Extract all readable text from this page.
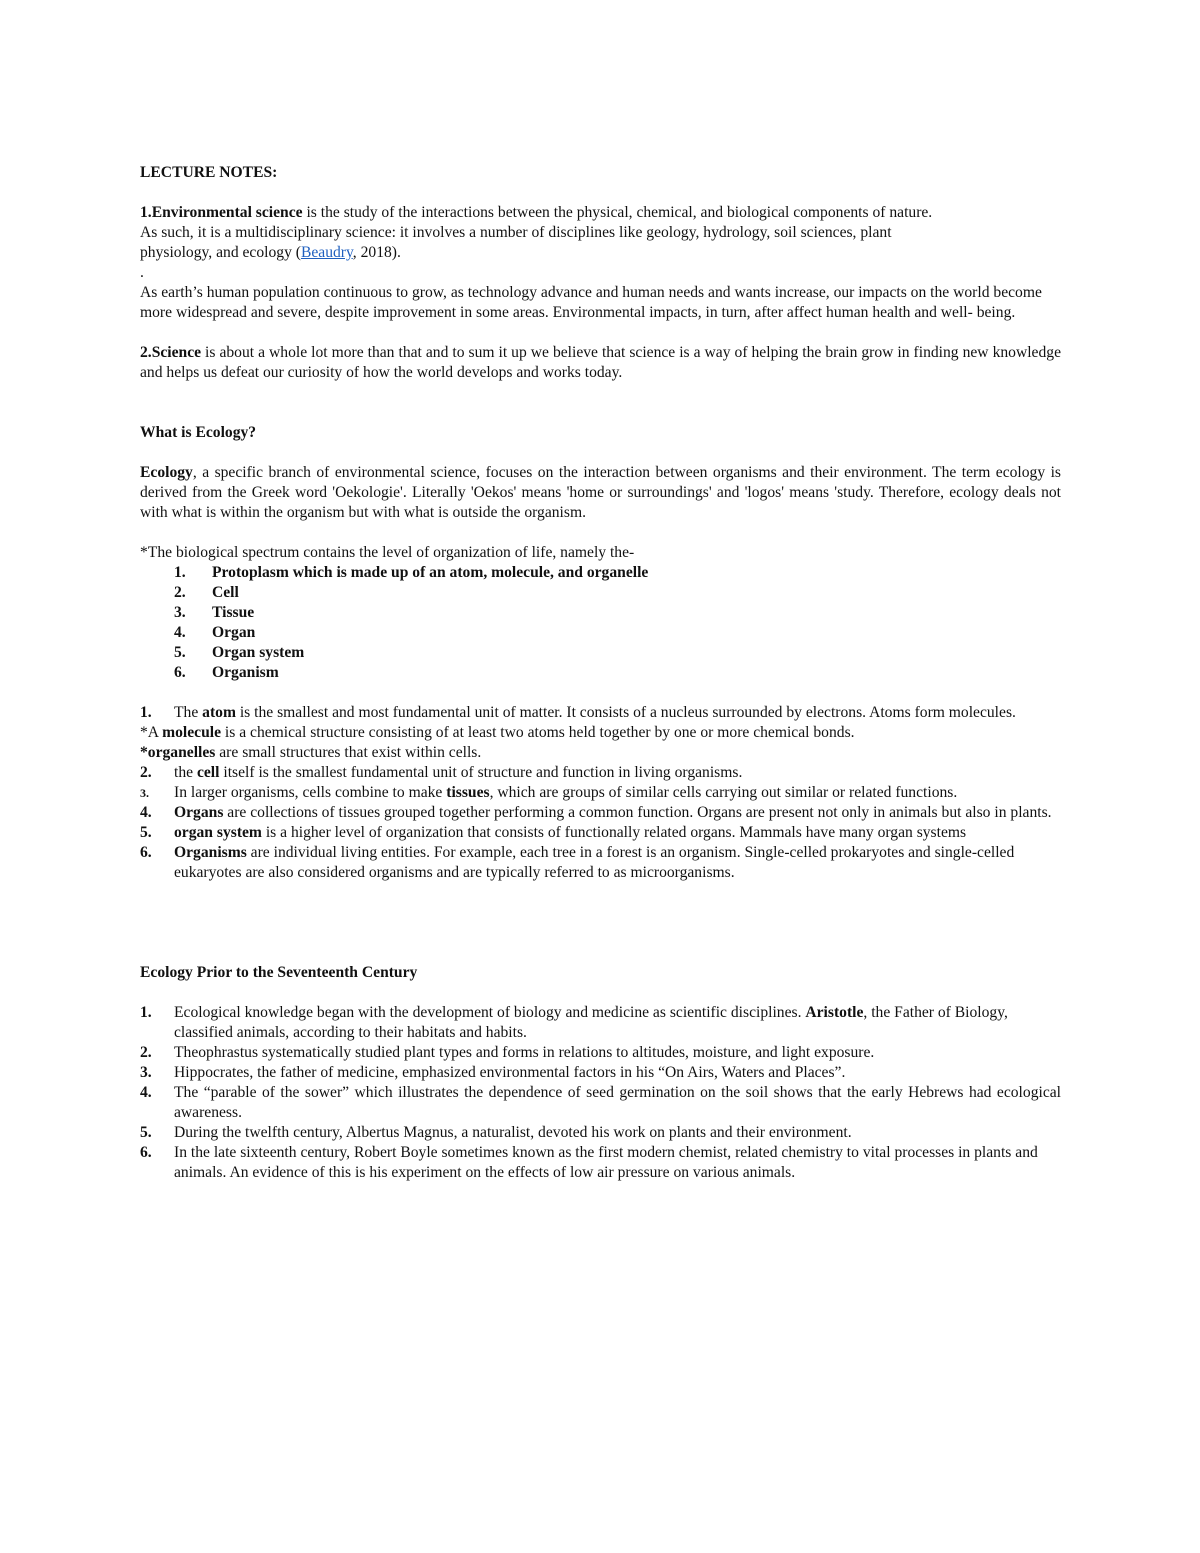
LECTURE NOTES:

1.Environmental science is the study of the interactions between the physical, chemical, and biological components of nature.

As such, it is a multidisciplinary science: it involves a number of disciplines like geology, hydrology, soil sciences, plant

physiology, and ecology (Beaudry, 2018).

.

As earth’s human population continuous to grow, as technology advance and human needs and wants increase, our impacts on the world become more widespread and severe, despite improvement in some areas. Environmental impacts, in turn, after affect human health and well- being.

2.Science is about a whole lot more than that and to sum it up we believe that science is a way of helping the brain grow in finding new knowledge and helps us defeat our curiosity of how the world develops and works today.

What is Ecology?

Ecology, a specific branch of environmental science, focuses on the interaction between organisms and their environment. The term ecology is derived from the Greek word 'Oekologie'. Literally 'Oekos' means 'home or surroundings' and 'logos' means 'study. Therefore, ecology deals not with what is within the organism but with what is outside the organism.

*The biological spectrum contains the level of organization of life, namely the-

1. Protoplasm which is made up of an atom, molecule, and organelle
2. Cell
3. Tissue
4. Organ
5. Organ system
6. Organism
1. The atom is the smallest and most fundamental unit of matter. It consists of a nucleus surrounded by electrons. Atoms form molecules.

*A molecule is a chemical structure consisting of at least two atoms held together by one or more chemical bonds.

*organelles are small structures that exist within cells.

2. the cell itself is the smallest fundamental unit of structure and function in living organisms.
3. In larger organisms, cells combine to make tissues, which are groups of similar cells carrying out similar or related functions.
4. Organs are collections of tissues grouped together performing a common function. Organs are present not only in animals but also in plants.
5. organ system is a higher level of organization that consists of functionally related organs. Mammals have many organ systems
6. Organisms are individual living entities. For example, each tree in a forest is an organism. Single-celled prokaryotes and single-celled eukaryotes are also considered organisms and are typically referred to as microorganisms.

Ecology Prior to the Seventeenth Century

1. Ecological knowledge began with the development of biology and medicine as scientific disciplines. Aristotle, the Father of Biology, classified animals, according to their habitats and habits.
2. Theophrastus systematically studied plant types and forms in relations to altitudes, moisture, and light exposure.
3. Hippocrates, the father of medicine, emphasized environmental factors in his “On Airs, Waters and Places”.
4. The “parable of the sower” which illustrates the dependence of seed germination on the soil shows that the early Hebrews had ecological awareness.
5. During the twelfth century, Albertus Magnus, a naturalist, devoted his work on plants and their environment.
6. In the late sixteenth century, Robert Boyle sometimes known as the first modern chemist, related chemistry to vital processes in plants and animals. An evidence of this is his experiment on the effects of low air pressure on various animals.
